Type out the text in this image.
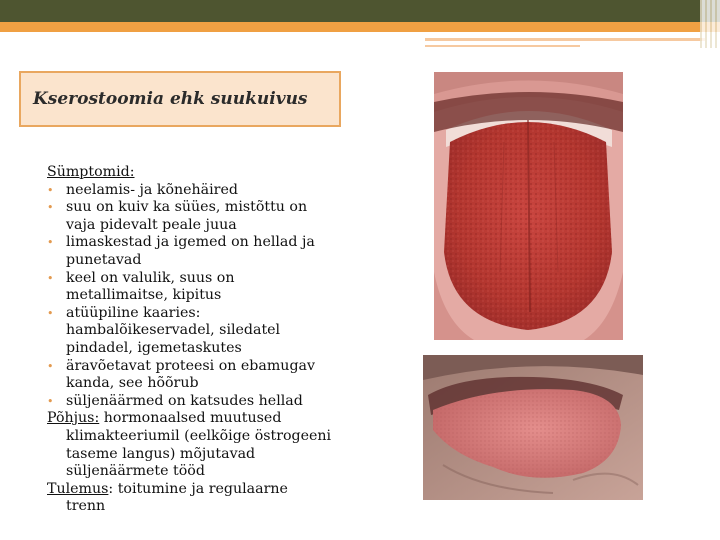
Kserostoomia ehk suukuivus
Sümptomid:
• neelamis- ja kõnehäired
• suu on kuiv ka süües, mistõttu on
vaja pidevalt peale juua
• limaskestad ja igemed on hellad ja
punetavad
• keel on valulik, suus on
metallimaitse, kipitus
• atüüpiline kaaries:
hambalõikeservadel, siledatel
pindadel, igemetaskutes
• äravõetavat proteesi on ebamugav
kanda, see hõõrub
• süljenäärmed on katsudes hellad
Põhjus: hormonaalsed muutused
klimakteeriumil (eelkõige östrogeeni
taseme langus) mõjutavad
süljenäärmete tööd
Tulemus: toitumine ja regulaarne
trenn
